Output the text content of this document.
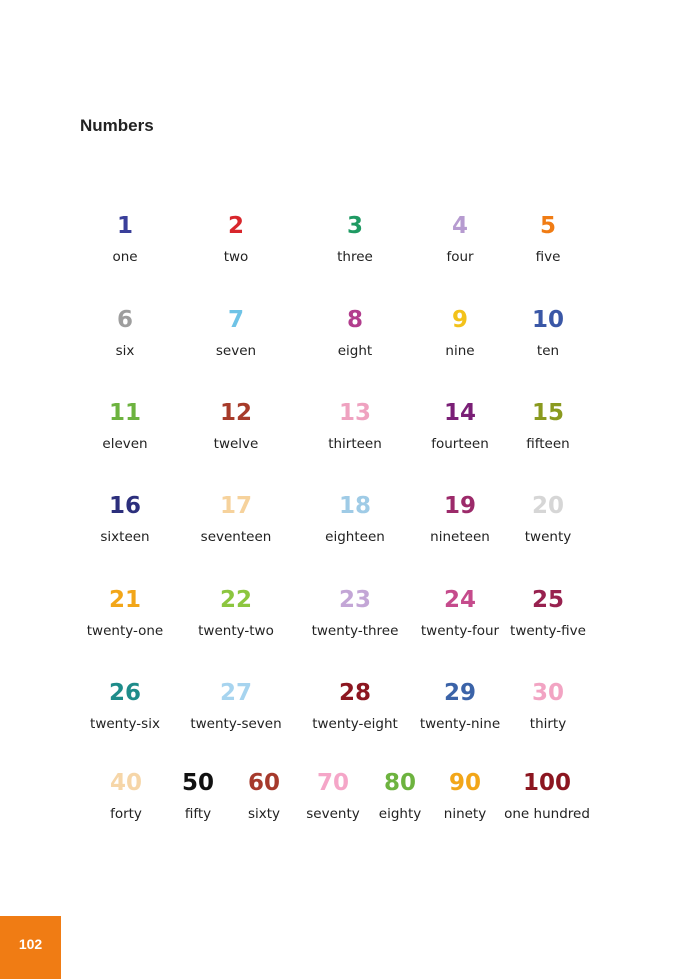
Numbers
1
one
2
two
3
three
4
four
5
five
6
six
7
seven
8
eight
9
nine
10
ten
11
eleven
12
twelve
13
thirteen
14
fourteen
15
fifteen
16
sixteen
17
seventeen
18
eighteen
19
nineteen
20
twenty
21
twenty-one
22
twenty-two
23
twenty-three
24
twenty-four
25
twenty-five
26
twenty-six
27
twenty-seven
28
twenty-eight
29
twenty-nine
30
thirty
40
forty
50
fifty
60
sixty
70
seventy
80
eighty
90
ninety
100
one hundred
102
